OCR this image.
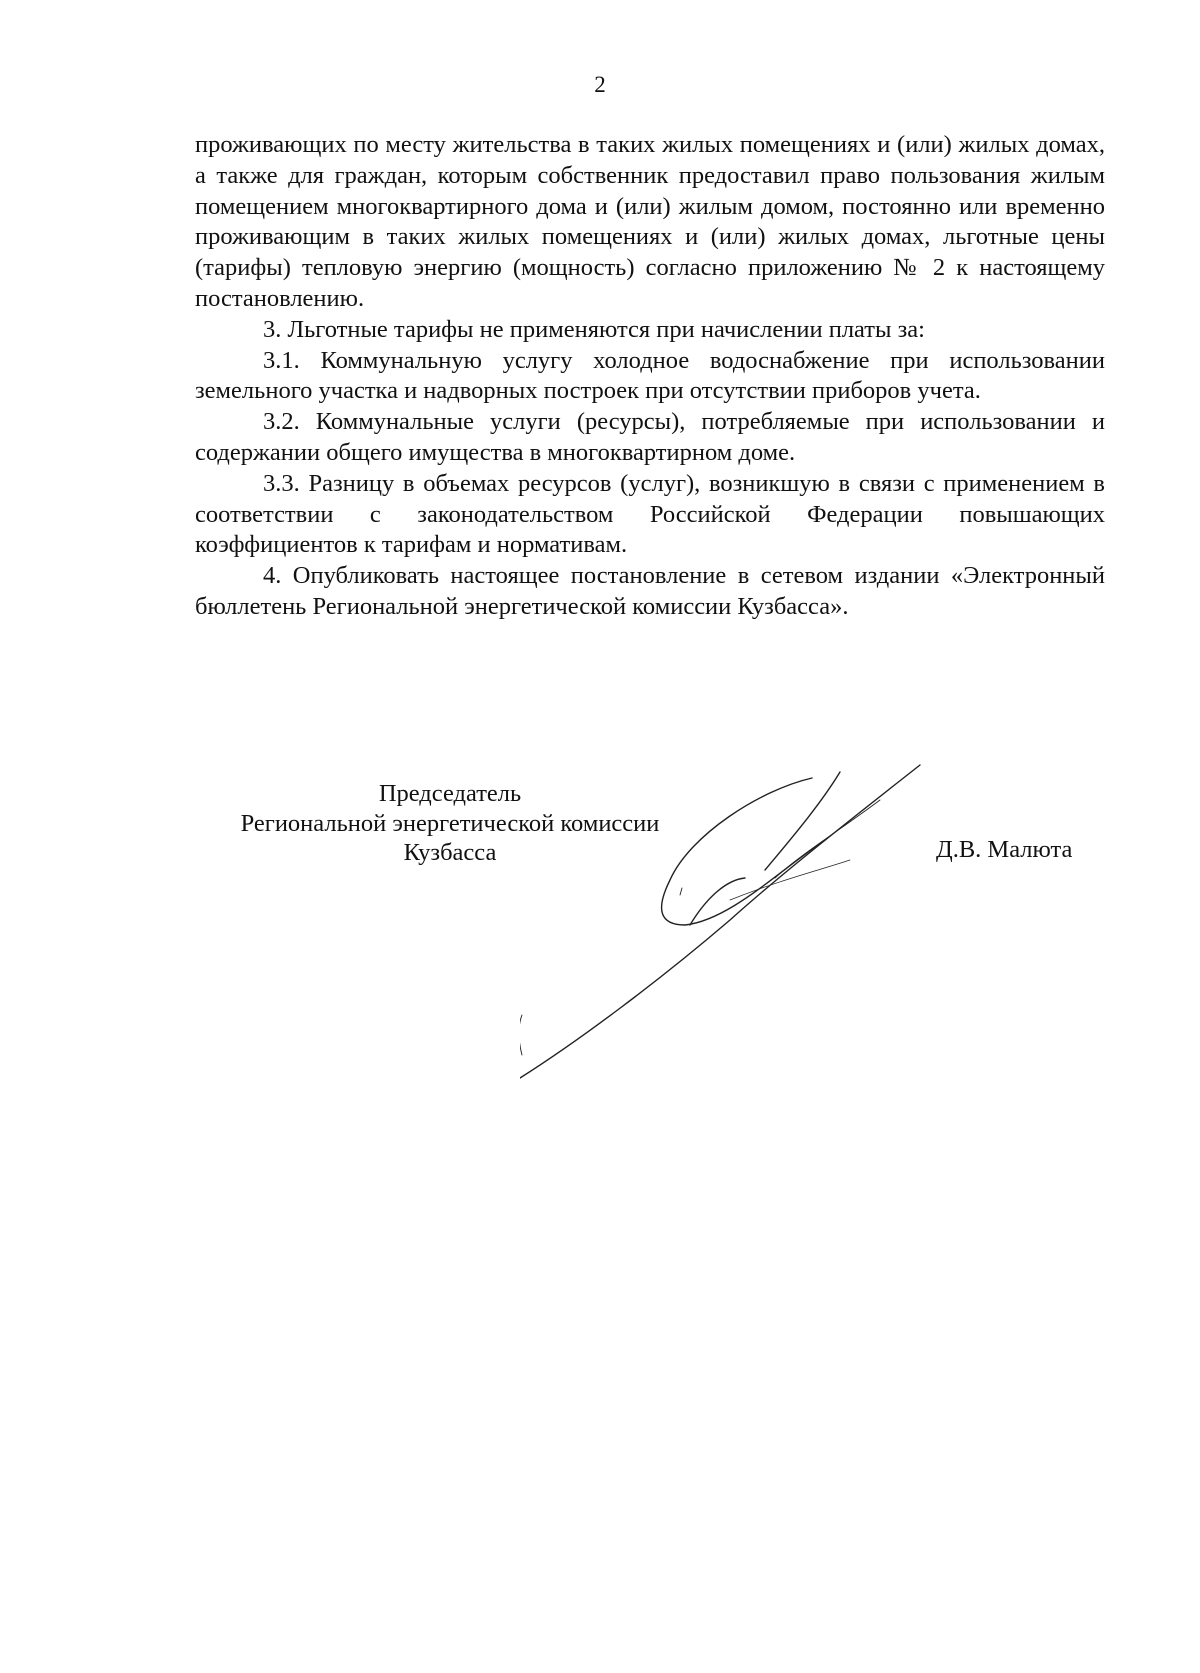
2

проживающих по месту жительства в таких жилых помещениях и (или) жилых домах, а также для граждан, которым собственник предоставил право пользования жилым помещением многоквартирного дома и (или) жилым домом, постоянно или временно проживающим в таких жилых помещениях и (или) жилых домах, льготные цены (тарифы) тепловую энергию (мощность) согласно приложению № 2 к настоящему постановлению.

3. Льготные тарифы не применяются при начислении платы за:

3.1. Коммунальную услугу холодное водоснабжение при использовании земельного участка и надворных построек при отсутствии приборов учета.

3.2. Коммунальные услуги (ресурсы), потребляемые при использовании и содержании общего имущества в многоквартирном доме.

3.3. Разницу в объемах ресурсов (услуг), возникшую в связи с применением в соответствии с законодательством Российской Федерации повышающих коэффициентов к тарифам и нормативам.

4. Опубликовать настоящее постановление в сетевом издании «Электронный бюллетень Региональной энергетической комиссии Кузбасса».

Председатель
Региональной энергетической комиссии
Кузбасса	Д.В. Малюта
